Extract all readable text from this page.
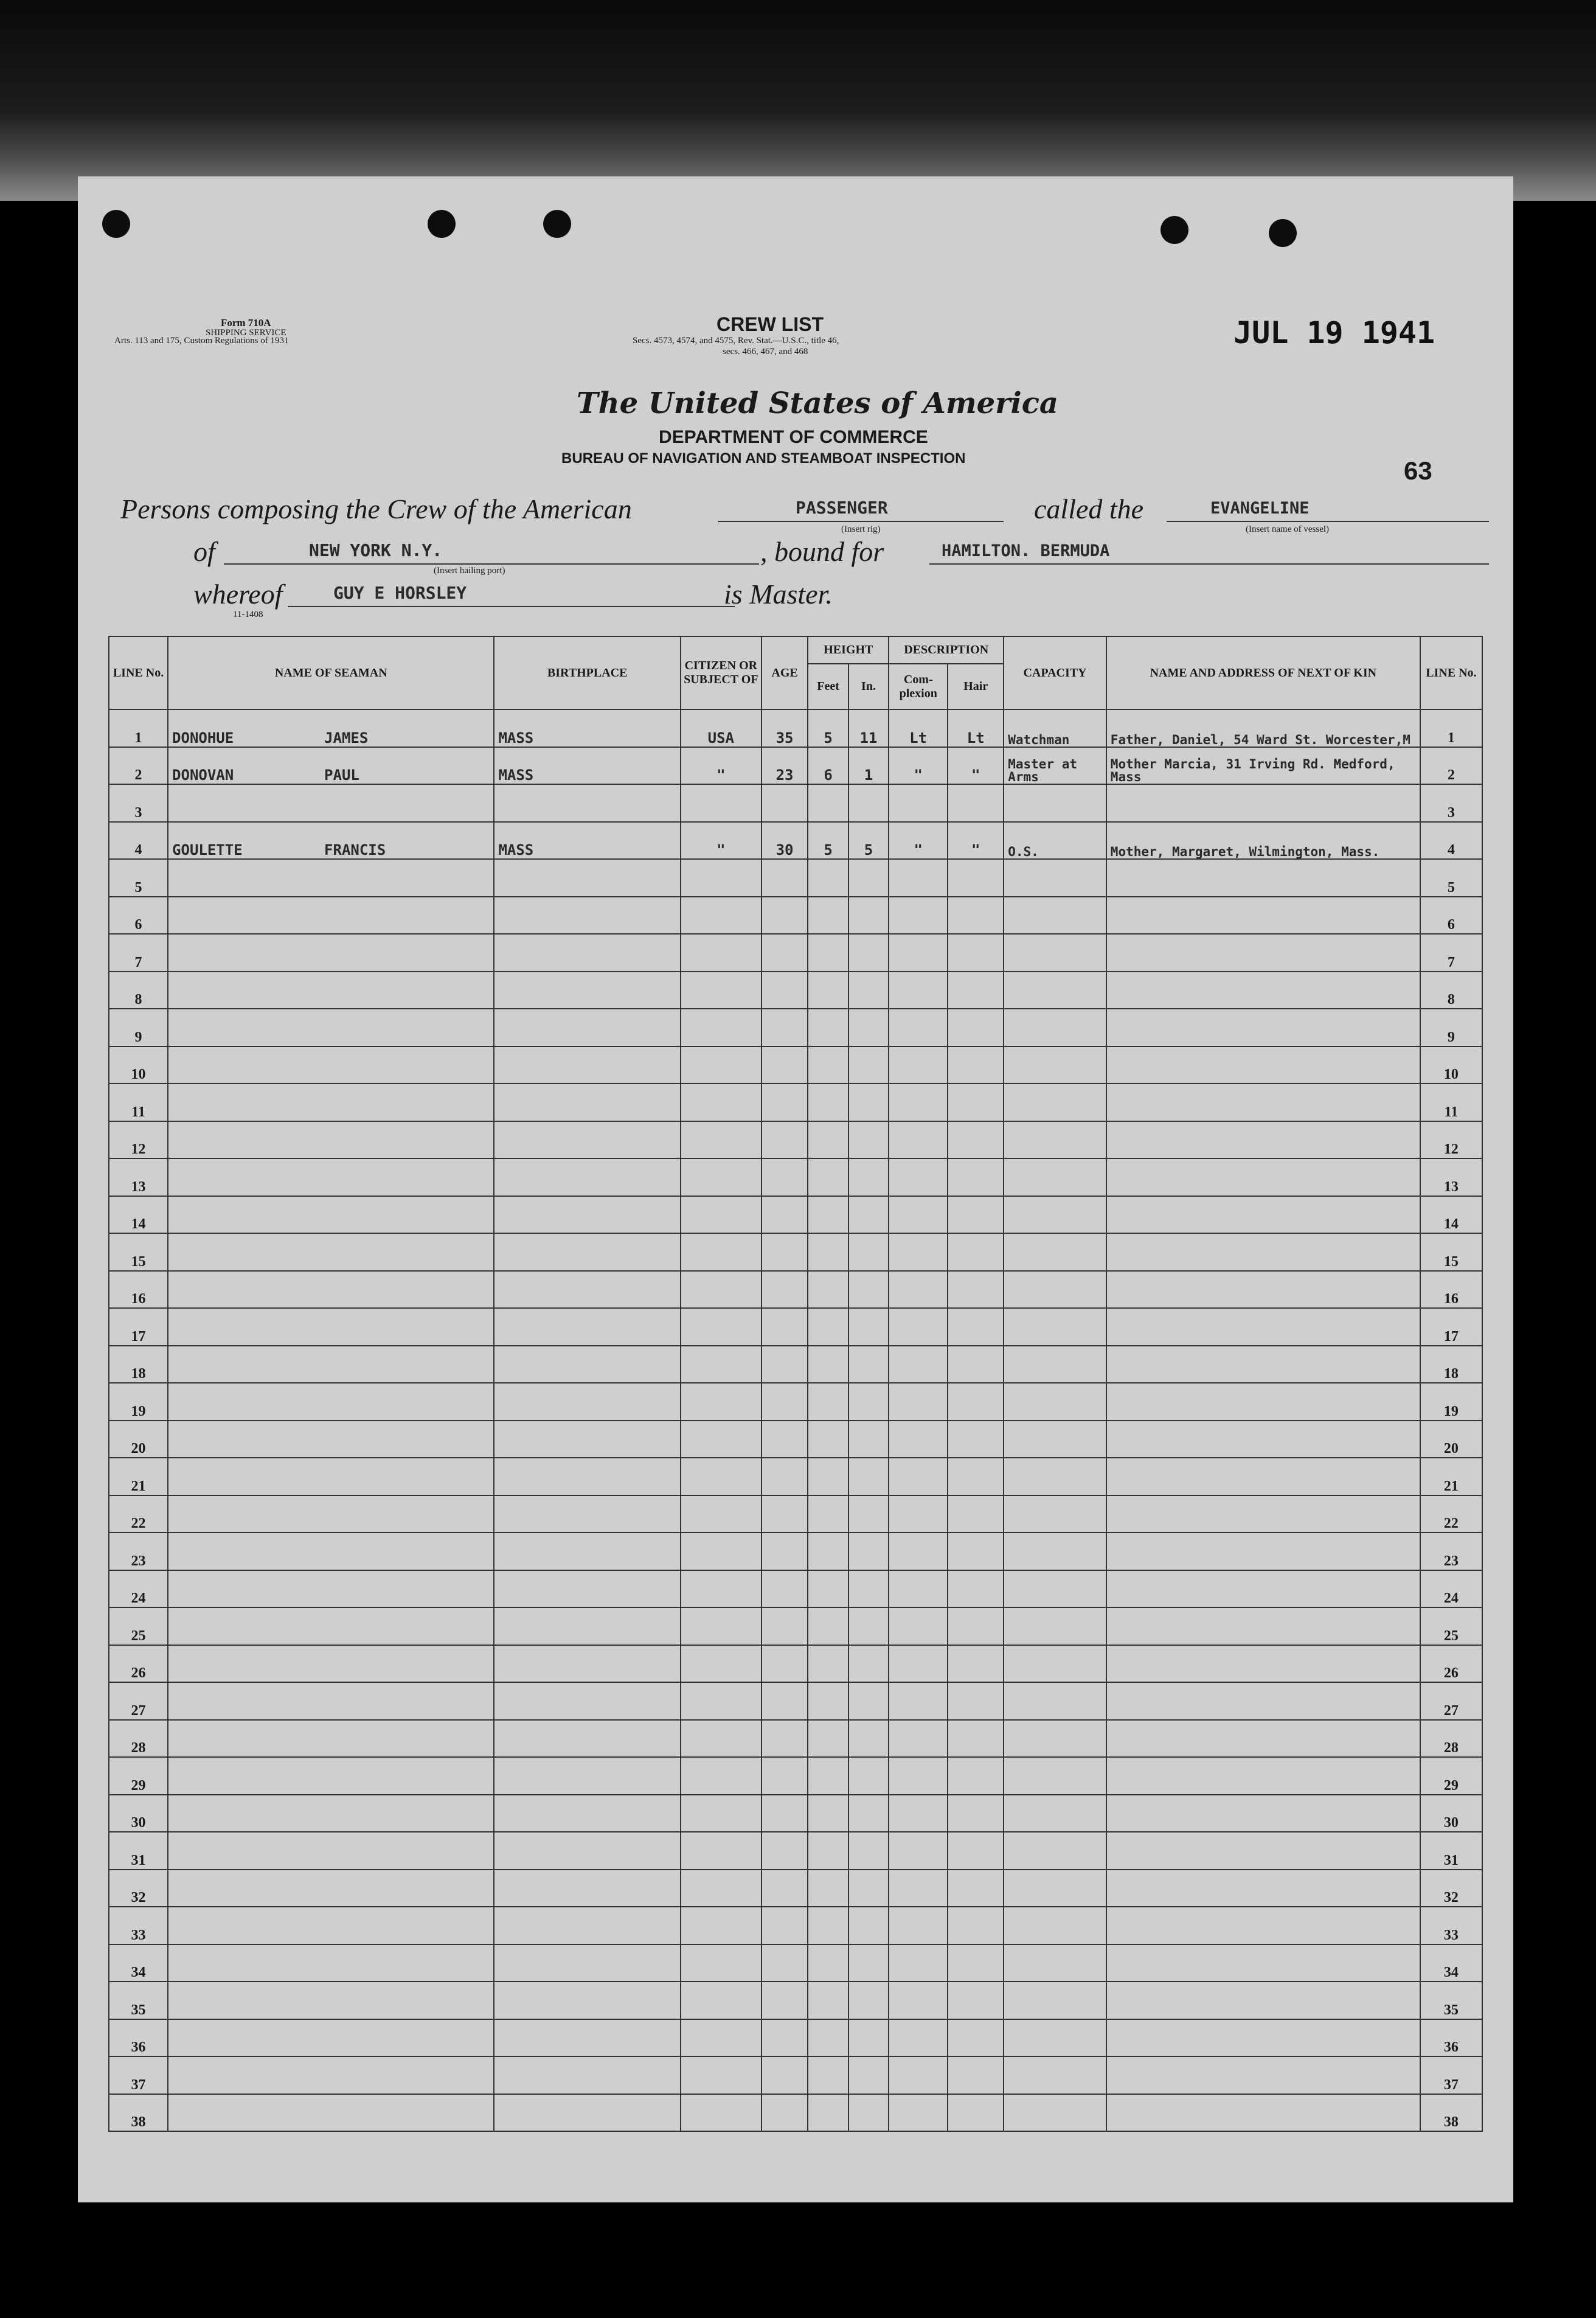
Form 710A
SHIPPING SERVICE
Arts. 113 and 175, Custom Regulations of 1931
CREW LIST
Secs. 4573, 4574, and 4575, Rev. Stat.—U.S.C., title 46,
secs. 466, 467, and 468
JUL 19 1941
The United States of America
DEPARTMENT OF COMMERCE
BUREAU OF NAVIGATION AND STEAMBOAT INSPECTION	63
Persons composing the Crew of the American	PASSENGER
(Insert rig)
called the	EVANGELINE
(Insert name of vessel)
of	NEW YORK N.Y.
(Insert hailing port)
, bound for	HAMILTON. BERMUDA
whereof	GUY E HORSLEY	is Master.
11-1408
LINE No.	NAME OF SEAMAN	BIRTHPLACE	CITIZEN OR SUBJECT OF	AGE	HEIGHT		DESCRIPTION		CAPACITY	NAME AND ADDRESS OF NEXT OF KIN	LINE No.
					Feet	In.	Com- plexion	Hair			
1	DONOHUE JAMES	MASS	USA	35	5	11	Lt	Lt	Watchman	Father, Daniel, 54 Ward St. Worcester,M	1
2	DONOVAN PAUL	MASS	"	23	6	1	"	"	Master at Arms	Mother Marcia, 31 Irving Rd. Medford, Mass	2
3											3
4	GOULETTE FRANCIS	MASS	"	30	5	5	"	"	O.S.	Mother, Margaret, Wilmington, Mass.	4
5											5
6											6
7											7
8											8
9											9
10											10
11											11
12											12
13											13
14											14
15											15
16											16
17											17
18											18
19											19
20											20
21											21
22											22
23											23
24											24
25											25
26											26
27											27
28											28
29											29
30											30
31											31
32											32
33											33
34											34
35											35
36											36
37											37
38											38
